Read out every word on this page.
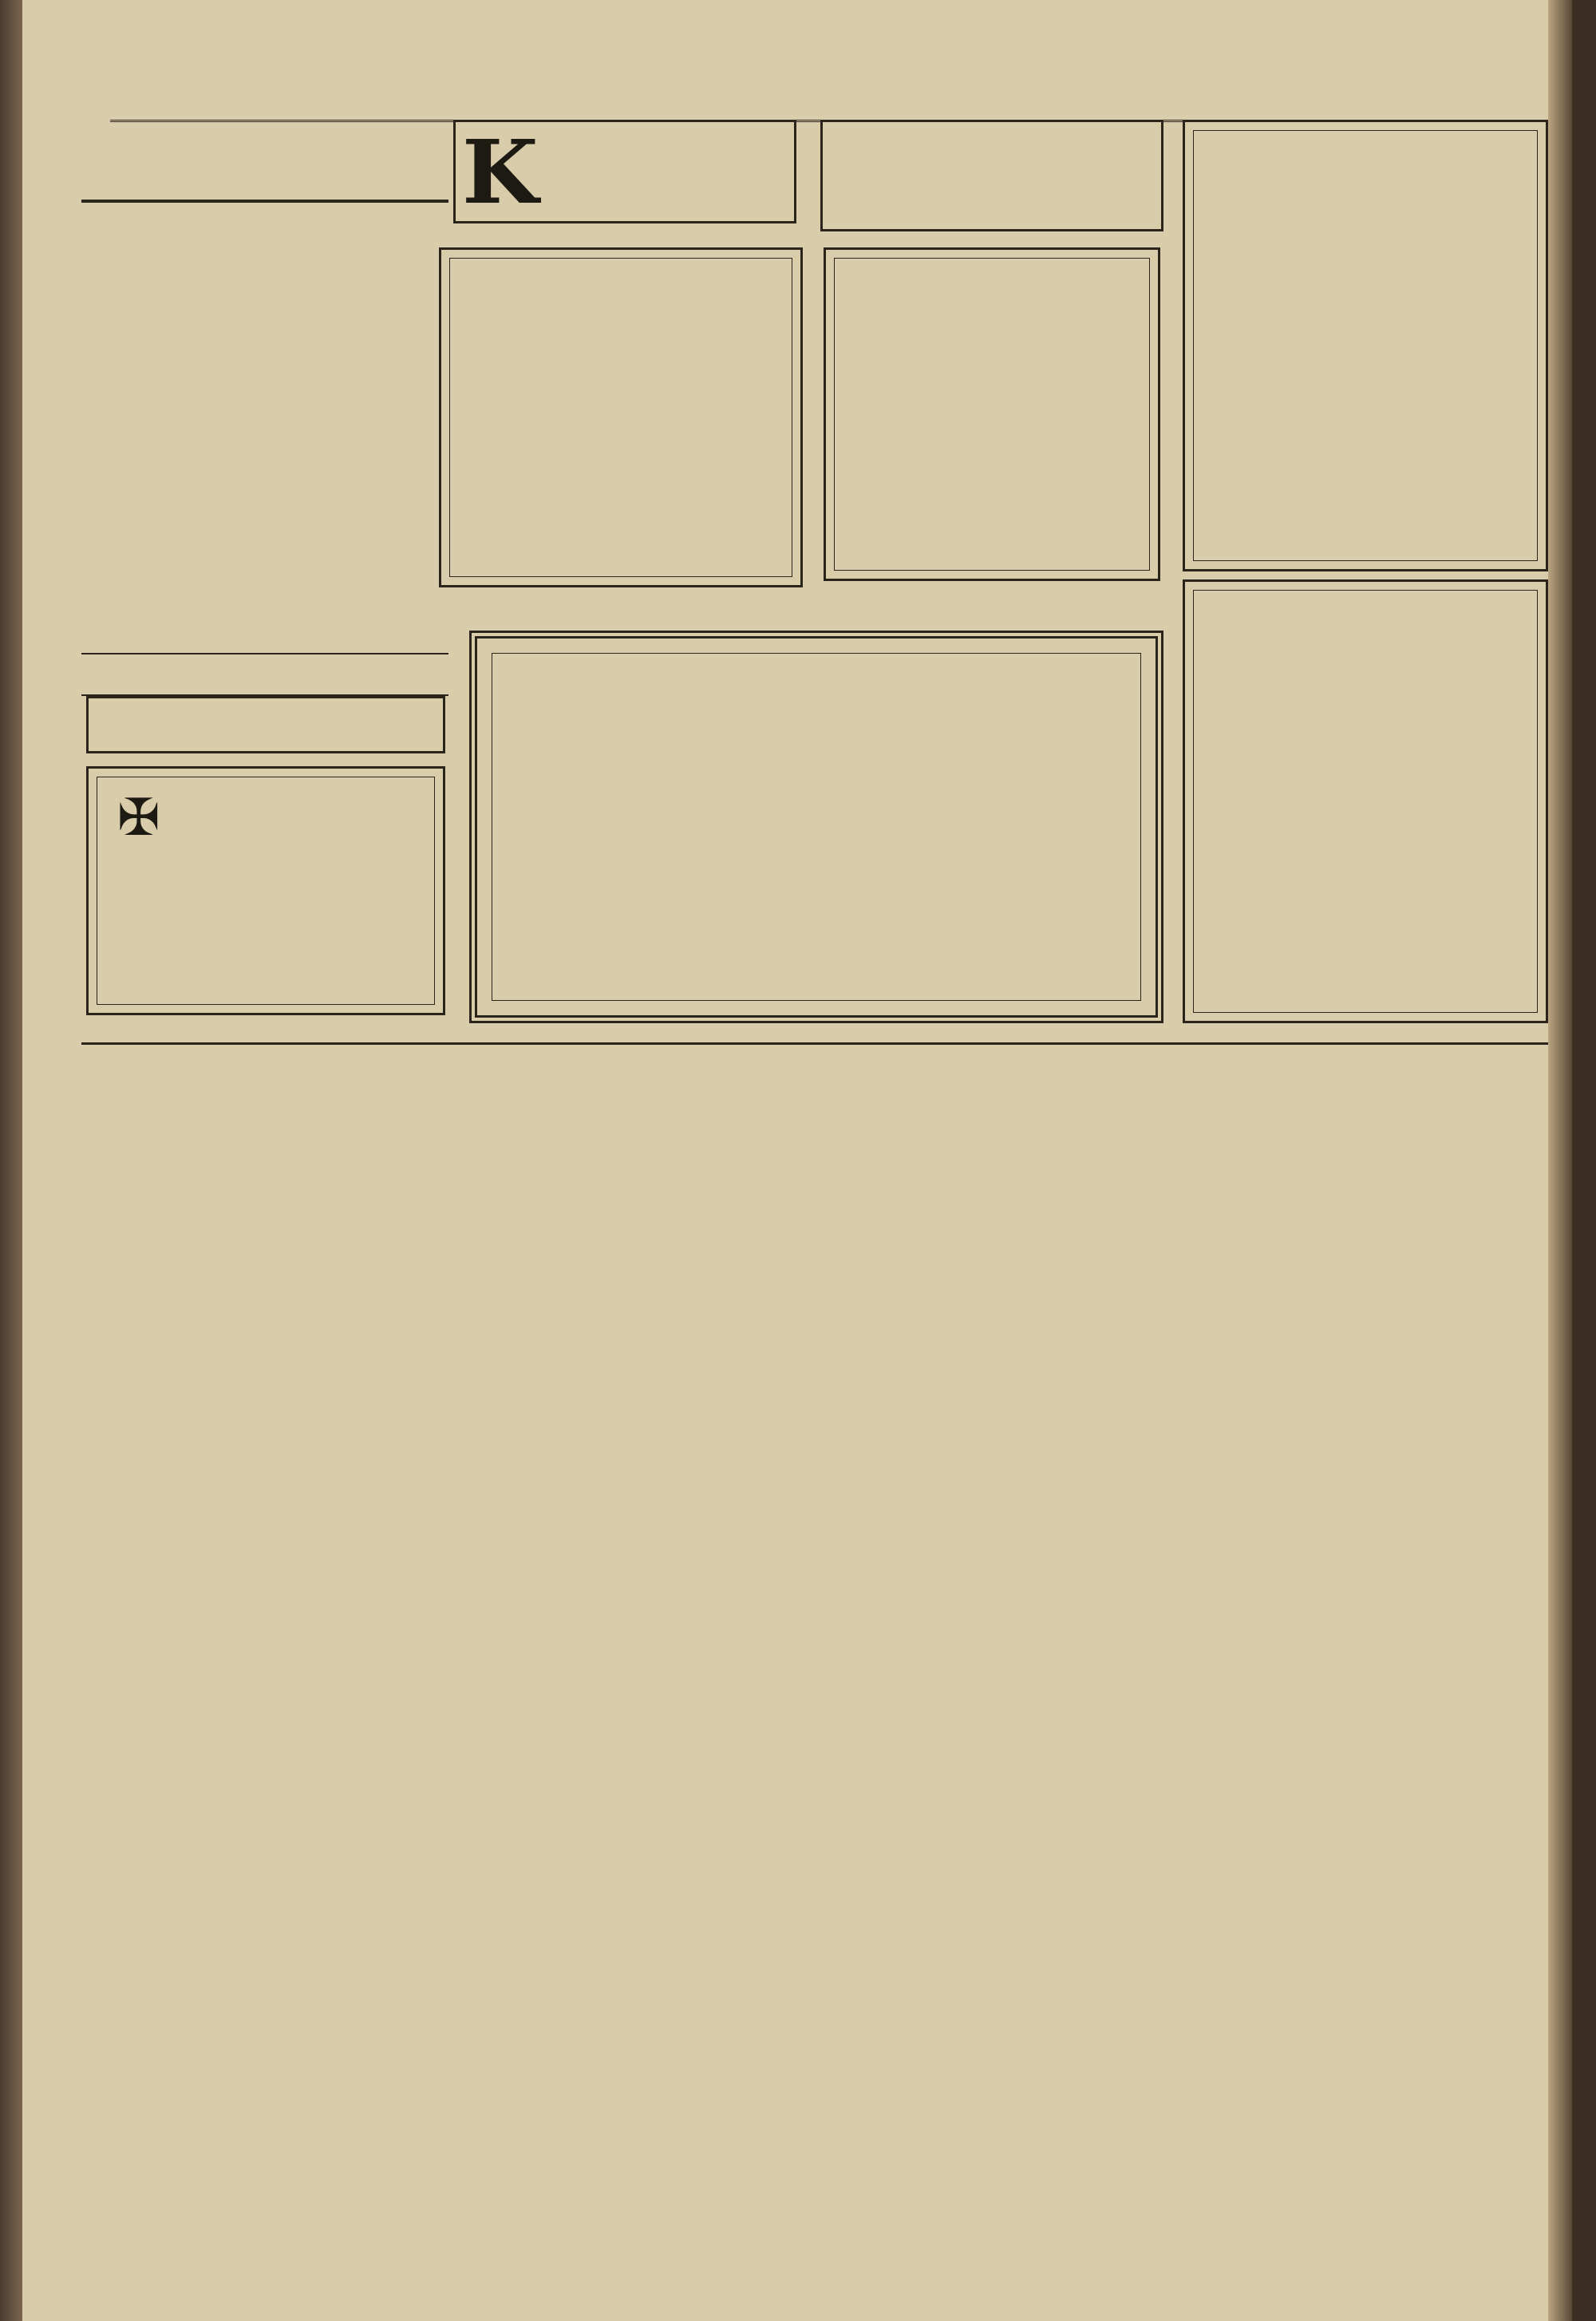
✠
K
